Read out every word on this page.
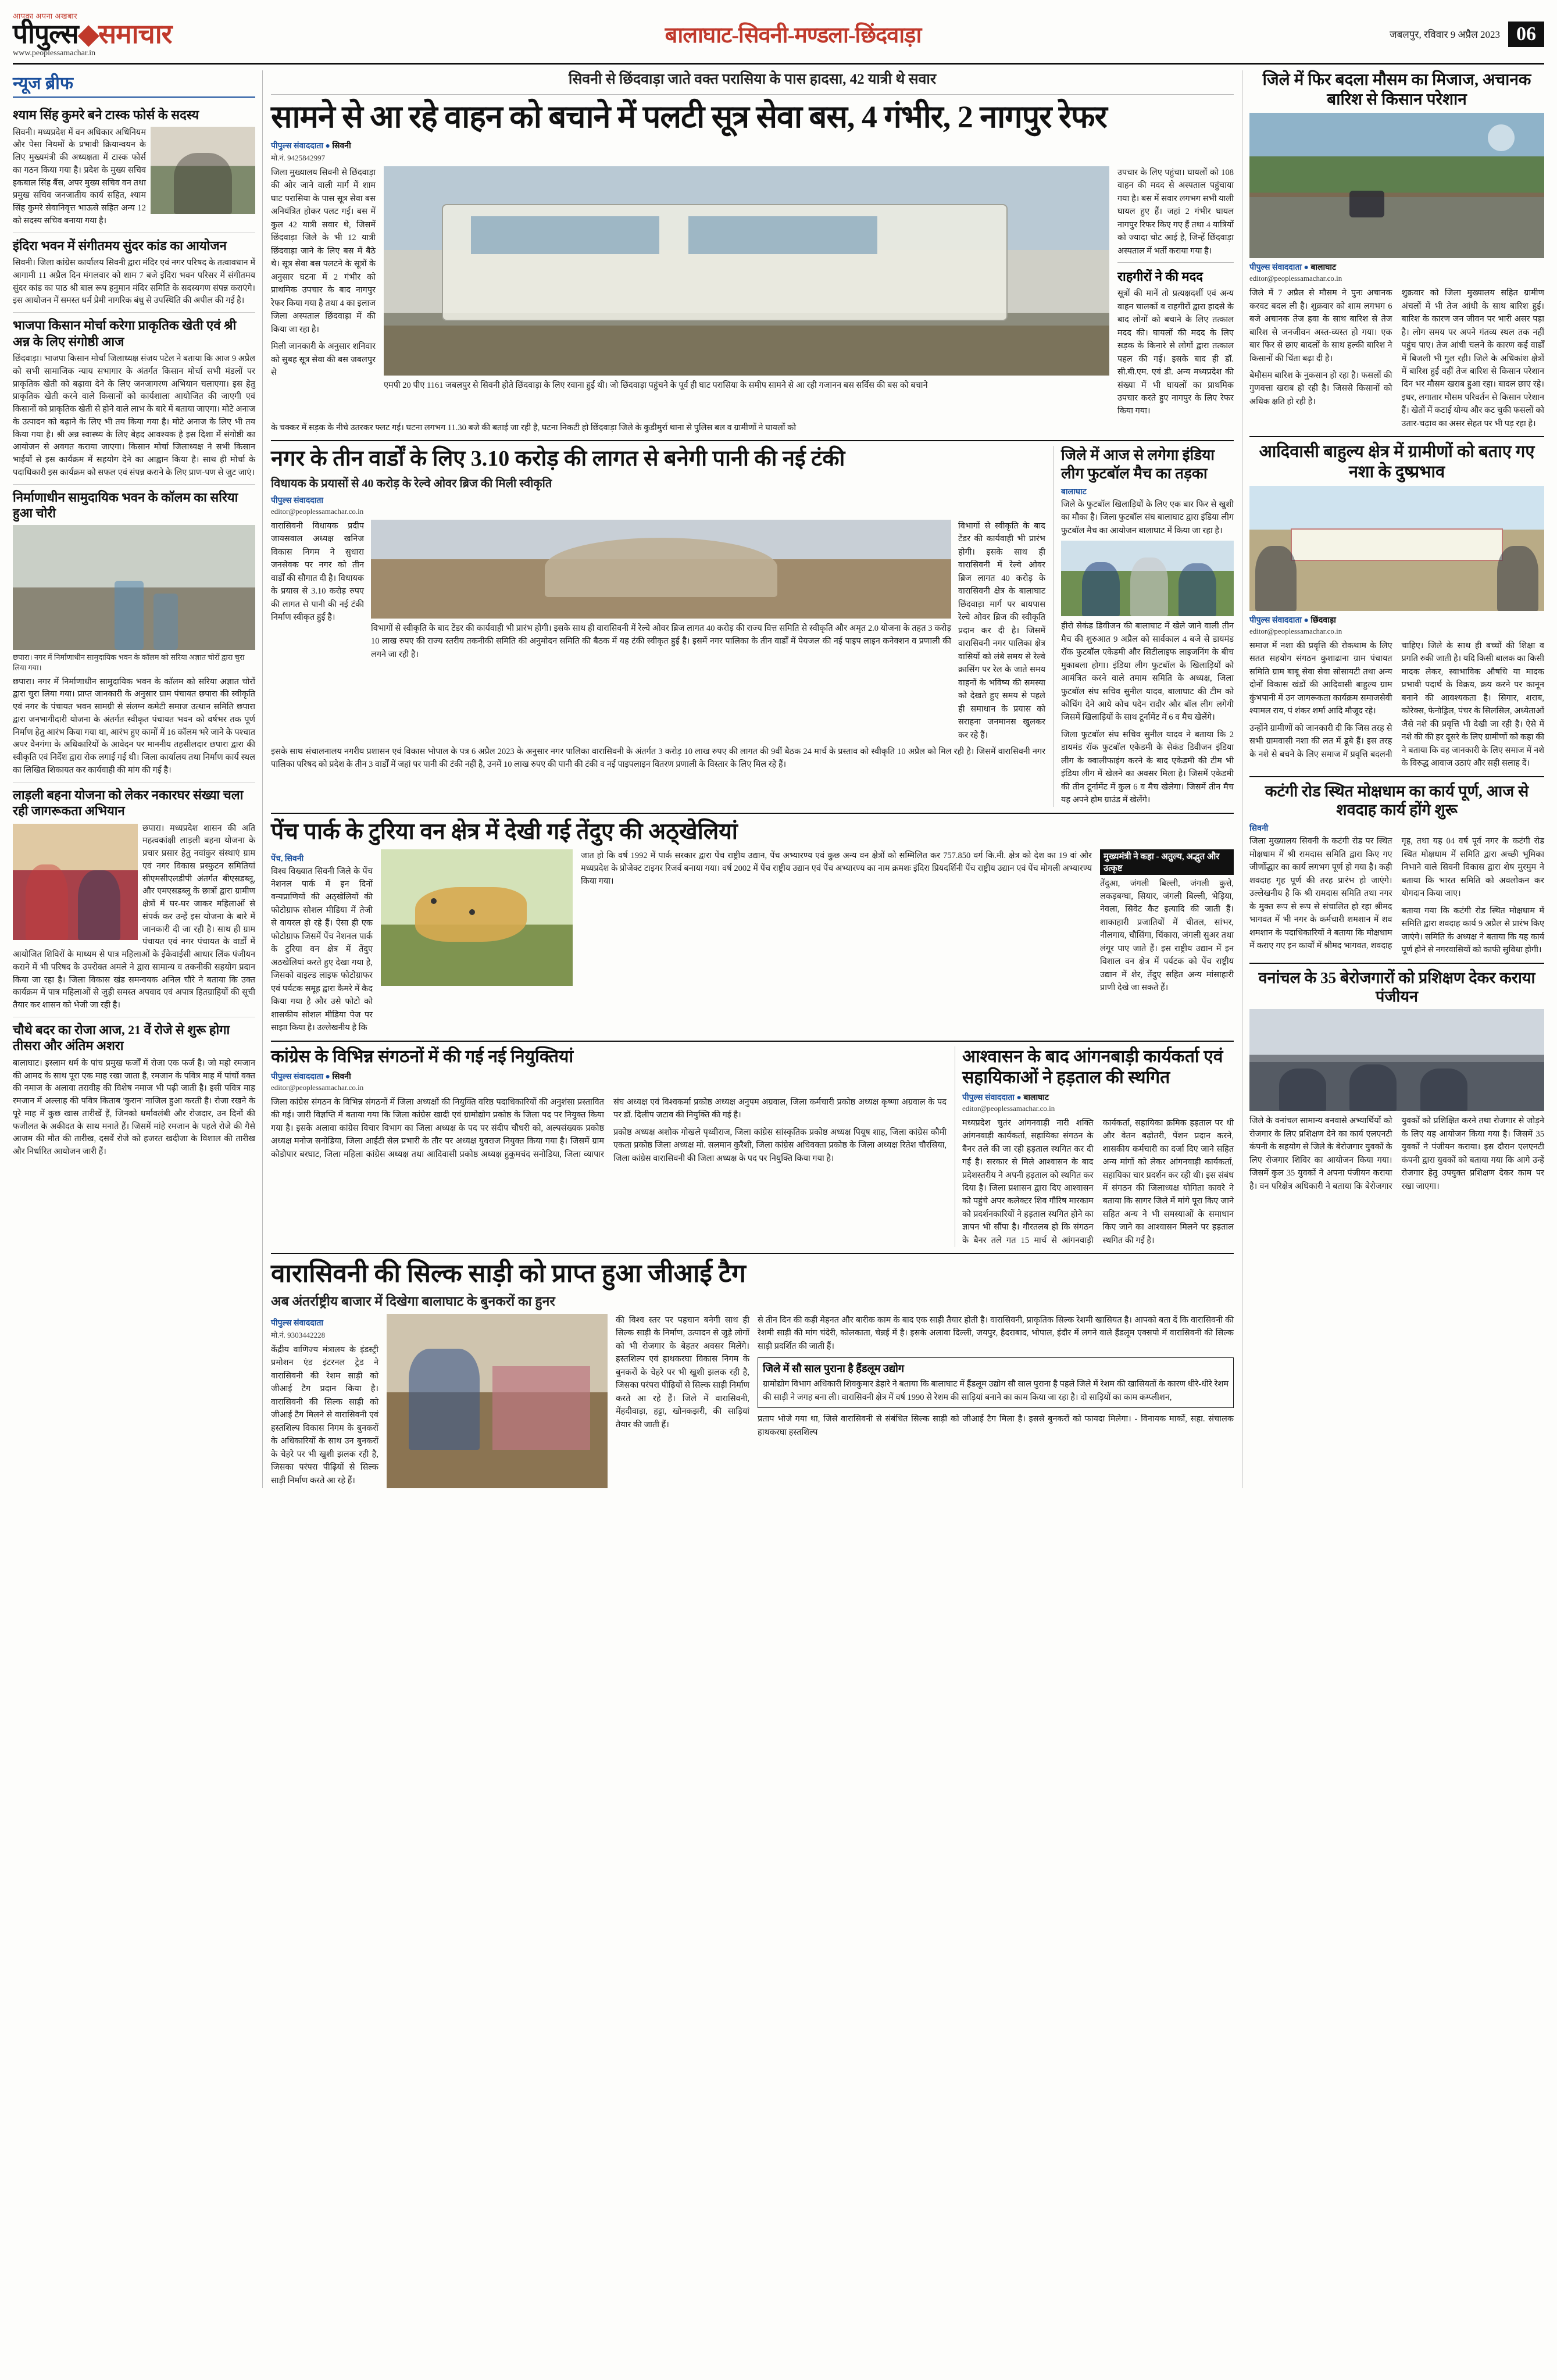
आपका अपना अखबार
पीपुल्स◆समाचार
www.peoplessamachar.in
बालाघाट-सिवनी-मण्डला-छिंदवाड़ा	जबलपुर, रविवार 9 अप्रैल 2023 06
न्यूज ब्रीफ
श्याम सिंह कुमरे बने टास्क फोर्स के सदस्य

सिवनी। मध्यप्रदेश में वन अधिकार अधिनियम और पेसा नियमों के प्रभावी क्रियान्वयन के लिए मुख्यमंत्री की अध्यक्षता में टास्क फोर्स का गठन किया गया है। प्रदेश के मुख्य सचिव इकबाल सिंह बैंस, अपर मुख्य सचिव वन तथा प्रमुख सचिव जनजातीय कार्य सहित, श्याम सिंह कुमरे सेवानिवृत्त भाऊसे सहित अन्य 12 को सदस्य सचिव बनाया गया है।

इंदिरा भवन में संगीतमय सुंदर कांड का आयोजन

सिवनी। जिला कांग्रेस कार्यालय सिवनी द्वारा मंदिर एवं नगर परिषद के तत्वावधान में आगामी 11 अप्रैल दिन मंगलवार को शाम 7 बजे इंदिरा भवन परिसर में संगीतमय सुंदर कांड का पाठ श्री बाल रूप हनुमान मंदिर समिति के सदस्यगण संपन्न कराएंगे। इस आयोजन में समस्त धर्म प्रेमी नागरिक बंधु से उपस्थिति की अपील की गई है।

भाजपा किसान मोर्चा करेगा प्राकृतिक खेती एवं श्री अन्न के लिए संगोष्ठी आज

छिंदवाड़ा। भाजपा किसान मोर्चा जिलाध्यक्ष संजय पटेल ने बताया कि आज 9 अप्रैल को सभी सामाजिक न्याय सभागार के अंतर्गत किसान मोर्चा सभी मंडलों पर प्राकृतिक खेती को बढ़ावा देने के लिए जनजागरण अभियान चलाएगा। इस हेतु प्राकृतिक खेती करने वाले किसानों को कार्यशाला आयोजित की जाएगी एवं किसानों को प्राकृतिक खेती से होने वाले लाभ के बारे में बताया जाएगा। मोटे अनाज के उत्पादन को बढ़ाने के लिए भी तय किया गया है। मोटे अनाज के लिए भी तय किया गया है। श्री अन्न स्वास्थ्य के लिए बेहद आवश्यक है इस दिशा में संगोष्ठी का आयोजन से अवगत कराया जाएगा। किसान मोर्चा जिलाध्यक्ष ने सभी किसान भाईयों से इस कार्यक्रम में सहयोग देने का आह्वान किया है। साथ ही मोर्चा के पदाधिकारी इस कार्यक्रम को सफल एवं संपन्न कराने के लिए प्राण-पण से जुट जाएं।

निर्माणाधीन सामुदायिक भवन के कॉलम का सरिया हुआ चोरी
छपारा। नगर में निर्माणाधीन सामुदायिक भवन के कॉलम को सरिया अज्ञात चोरों द्वारा चुरा लिया गया।

छपारा। नगर में निर्माणाधीन सामुदायिक भवन के कॉलम को सरिया अज्ञात चोरों द्वारा चुरा लिया गया। प्राप्त जानकारी के अनुसार ग्राम पंचायत छपारा की स्वीकृति एवं नगर के पंचायत भवन सामग्री से संलग्न कमेटी समाज उत्थान समिति छपारा द्वारा जनभागीदारी योजना के अंतर्गत स्वीकृत पंचायत भवन को वर्षभर तक पूर्ण निर्माण हेतु आरंभ किया गया था, आरंभ हुए कामों में 16 कॉलम भरे जाने के पश्चात अपर वैनगंगा के अधिकारियों के आवेदन पर माननीय तहसीलदार छपारा द्वारा की स्वीकृति एवं निर्देश द्वारा रोक लगाई गई थी। जिला कार्यालय तथा निर्माण कार्य स्थल का लिखित शिकायत कर कार्यवाही की मांग की गई है।

लाड़ली बहना योजना को लेकर नकारघर संख्या चला रही जागरूकता अभियान

छपारा। मध्यप्रदेश शासन की अति महत्वकांक्षी लाड़ली बहना योजना के प्रचार प्रसार हेतु नवांकुर संस्थाएं ग्राम एवं नगर विकास प्रस्फुटन समितियां सीएमसीएलडीपी अंतर्गत बीएसडब्लू, और एमएसडब्लू के छात्रों द्वारा ग्रामीण क्षेत्रों में घर-घर जाकर महिलाओं से संपर्क कर उन्हें इस योजना के बारे में जानकारी दी जा रही है। साथ ही ग्राम पंचायत एवं नगर पंचायत के वार्डों में आयोजित शिविरों के माध्यम से पात्र महिलाओं के ईकेवाईसी आधार लिंक पंजीयन कराने में भी परिषद के उपरोक्त अमले ने द्वारा सामान्य व तकनीकी सहयोग प्रदान किया जा रहा है। जिला विकास खंड समन्वयक अनिल चौरे ने बताया कि उक्त कार्यक्रम में पात्र महिलाओं से जुड़ी समस्त अपवाद एवं अपात्र हितग्राहियों की सूची तैयार कर शासन को भेजी जा रही है।

चौथे बदर का रोजा आज, 21 वें रोजे से शुरू होगा तीसरा और अंतिम अशरा

बालाघाट। इस्लाम धर्म के पांच प्रमुख फर्जों में रोजा एक फर्ज है। जो महो रमजान की आमद के साथ पूरा एक माह रखा जाता है, रमजान के पवित्र माह में पांचों वक्त की नमाज के अलावा तरावीह की विशेष नमाज भी पढ़ी जाती है। इसी पवित्र माह रमजान में अल्लाह की पवित्र किताब 'कुरान' नाजिल हुआ करती है। रोजा रखने के पूरे माह में कुछ खास तारीखें हैं, जिनको धर्मावलंबी और रोजदार, उन दिनों की फजीलत के अकीदत के साथ मनाते हैं। जिसमें मांहे रमजान के पहले रोजे की गैसे आजम की मौत की तारीख, दसवें रोजे को हजरत खदीजा के विशाल की तारीख और निर्धारित आयोजन जारी हैं।

सिवनी से छिंदवाड़ा जाते वक्त परासिया के पास हादसा, 42 यात्री थे सवार
सामने से आ रहे वाहन को बचाने में पलटी सूत्र सेवा बस, 4 गंभीर, 2 नागपुर रेफर
पीपुल्स संवाददाता ● सिवनी
मो.नं. 9425842997

जिला मुख्यालय सिवनी से छिंदवाड़ा की ओर जाने वाली मार्ग में शाम घाट परासिया के पास सूत्र सेवा बस अनियंत्रित होकर पलट गई। बस में कुल 42 यात्री सवार थे, जिसमें छिंदवाड़ा जिले के भी 12 यात्री छिंदवाड़ा जाने के लिए बस में बैठे थे। सूत्र सेवा बस पलटने के सूत्रों के अनुसार घटना में 2 गंभीर को प्राथमिक उपचार के बाद नागपुर रेफर किया गया है तथा 4 का इलाज जिला अस्पताल छिंदवाड़ा में की किया जा रहा है।

मिली जानकारी के अनुसार शनिवार को सुबह सूत्र सेवा की बस जबलपुर से

एमपी 20 पीए 1161 जबलपुर से सिवनी होते छिंदवाड़ा के लिए रवाना हुई थी। जो छिंदवाड़ा पहुंचने के पूर्व ही घाट परासिया के समीप सामने से आ रही गजानन बस सर्विस की बस को बचाने

उपचार के लिए पहुंचा। घायलों को 108 वाहन की मदद से अस्पताल पहुंचाया गया है। बस में सवार लगभग सभी याली घायल हुए हैं। जहां 2 गंभीर घायल नागपुर रिफर किए गए हैं तथा 4 यात्रियों को ज्यादा चोट आई है, जिन्हें छिंदवाड़ा अस्पताल में भर्ती कराया गया है।

राहगीरों ने की मदद

सूत्रों की मानें तो प्रत्यक्षदर्शी एवं अन्य वाहन चालकों व राहगीरों द्वारा हादसे के बाद लोगों को बचाने के लिए तत्काल मदद की। घायलों की मदद के लिए सड़क के किनारे से लोगों द्वारा तत्काल पहल की गई। इसके बाद ही डॉ. सी.बी.एम. एवं डी. अन्य मध्यप्रदेश की संख्या में भी घायलों का प्राथमिक उपचार करते हुए नागपुर के लिए रेफर किया गया।

के चक्कर में सड़क के नीचे उतरकर फ्लट गई। घटना लगभग 11.30 बजे की बताई जा रही है, घटना निकटी हो छिंदवाड़ा जिले के कुडीमुर्रा थाना से पुलिस बल व ग्रामीणों ने घायलों को

नगर के तीन वार्डों के लिए 3.10 करोड़ की लागत से बनेगी पानी की नई टंकी
विधायक के प्रयासों से 40 करोड़ के रेल्वे ओवर ब्रिज की मिली स्वीकृति
पीपुल्स संवाददाता
editor@peoplessamachar.co.in

वारासिवनी विधायक प्रदीप जायसवाल अध्यक्ष खनिज विकास निगम ने सुधारा जनसेवक पर नगर को तीन वार्डों की सौगात दी है। विधायक के प्रयास से 3.10 करोड़ रुपए की लागत से पानी की नई टंकी निर्माण स्वीकृत हुई है।

विभागों से स्वीकृति के बाद टेंडर की कार्यवाही भी प्रारंभ होगी। इसके साथ ही वारासिवनी में रेल्वे ओवर ब्रिज लागत 40 करोड़ की राज्य वित्त समिति से स्वीकृति और अमृत 2.0 योजना के तहत 3 करोड़ 10 लाख रुपए की राज्य स्तरीय तकनीकी समिति की अनुमोदन समिति की बैठक में यह टंकी स्वीकृत हुई है। इसमें नगर पालिका के तीन वार्डों में पेयजल की नई पाइप लाइन कनेक्शन व प्रणाली की लगने जा रही है।

विभागों से स्वीकृति के बाद टेंडर की कार्यवाही भी प्रारंभ होगी। इसके साथ ही वारासिवनी में रेल्वे ओवर ब्रिज लागत 40 करोड़ के वारासिवनी क्षेत्र के बालाघाट छिंदवाड़ा मार्ग पर बायपास रेल्वे ओवर ब्रिज की स्वीकृति प्रदान कर दी है। जिसमें वारासिवनी नगर पालिका क्षेत्र वासियों को लंबे समय से रेल्वे क्रासिंग पर रेल के जाते समय वाहनों के भविष्य की समस्या को देखते हुए समय से पहले ही समाधान के प्रयास को सराहना जनमानस खुलकर कर रहे हैं।

इसके साथ संचालनालय नगरीय प्रशासन एवं विकास भोपाल के पत्र 6 अप्रैल 2023 के अनुसार नगर पालिका वारासिवनी के अंतर्गत 3 करोड़ 10 लाख रुपए की लागत की 9वीं बैठक 24 मार्च के प्रस्ताव को स्वीकृति 10 अप्रैल को मिल रही है। जिसमें वारासिवनी नगर पालिका परिषद को प्रदेश के तीन 3 वार्डों में जहां पर पानी की टंकी नहीं है, उनमें 10 लाख रुपए की पानी की टंकी व नई पाइपलाइन वितरण प्रणाली के विस्तार के लिए मिल रहे हैं।

जिले में आज से लगेगा इंडिया लीग फुटबॉल मैच का तड़का
बालाघाट

जिले के फुटबॉल खिलाड़ियों के लिए एक बार फिर से खुशी का मौका है। जिला फुटबॉल संघ बालाघाट द्वारा इंडिया लीग फुटबॉल मैच का आयोजन बालाघाट में किया जा रहा है।

हीरो सेकंड डिवीजन की बालाघाट में खेले जाने वाली तीन मैच की शुरुआत 9 अप्रैल को सार्वकाल 4 बजे से डायमंड रॉक फुटबॉल एकेडमी और सिटीलाइफ लाइजनिंग के बीच मुकाबला होगा। इंडिया लीग फुटबॉल के खिलाड़ियों को आमंत्रित करने वाले तमाम समिति के अध्यक्ष, जिला फुटबॉल संघ सचिव सुनील यादव, बालाघाट की टीम को कोचिंग देने आये कोच पदेन रादौर और बॉल लीग लगेगी जिसमें खिलाड़ियों के साथ टूर्नामेंट में 6 व मैच खेलेंगे।

जिला फुटबॉल संघ सचिव सुनील यादव ने बताया कि 2 डायमंड रॉक फुटबॉल एकेडमी के सेकंड डिवीजन इंडिया लीग के क्वालीफाइंग करने के बाद एकेडमी की टीम भी इंडिया लीग में खेलने का अवसर मिला है। जिसमें एकेडमी की तीन टूर्नामेंट में कुल 6 व मैच खेलेगा। जिसमें तीन मैच यह अपने होम ग्राउंड में खेलेंगे।

पेंच पार्क के टुरिया वन क्षेत्र में देखी गई तेंदुए की अठ्खेलियां
पेंच, सिवनी

विश्व विख्यात सिवनी जिले के पेंच नेशनल पार्क में इन दिनों वन्यप्राणियों की अठ्खेलियों की फोटोग्राफ सोशल मीडिया में तेजी से वायरल हो रहे हैं। ऐसा ही एक फोटोग्राफ जिसमें पेंच नेशनल पार्क के टुरिया वन क्षेत्र में तेंदुए अठखेलियां करते हुए देखा गया है, जिसको वाइल्ड लाइफ फोटोग्राफर एवं पर्यटक समूह द्वारा कैमरे में कैद किया गया है और उसे फोटो को शासकीय सोशल मीडिया पेज पर साझा किया है। उल्लेखनीय है कि

जात हो कि वर्ष 1992 में पार्क सरकार द्वारा पेंच राष्ट्रीय उद्यान, पेंच अभ्यारण्य एवं कुछ अन्य वन क्षेत्रों को सम्मिलित कर 757.850 वर्ग कि.मी. क्षेत्र को देश का 19 वां और मध्यप्रदेश के प्रोजेक्ट टाइगर रिजर्व बनाया गया। वर्ष 2002 में पेंच राष्ट्रीय उद्यान एवं पेंच अभ्यारण्य का नाम क्रमशः इंदिरा प्रियदर्शिनी पेंच राष्ट्रीय उद्यान एवं पेंच मोगली अभ्यारण्य किया गया।

मुख्यमंत्री ने कहा - अतुल्य, अद्भुत और उत्कृष्ट

तेंदुआ, जंगली बिल्ली, जंगली कुत्ते, लकड़बग्घा, सियार, जंगली बिल्ली, भेड़िया, नेवला, सिवेट कैट इत्यादि की जाती हैं। शाकाहारी प्रजातियों में चीतल, सांभर, नीलगाय, चौसिंगा, चिंकारा, जंगली सुअर तथा लंगूर पाए जाते हैं। इस राष्ट्रीय उद्यान में इन विशाल वन क्षेत्र में पर्यटक को पेंच राष्ट्रीय उद्यान में शेर, तेंदुए सहित अन्य मांसाहारी प्राणी देखे जा सकते हैं।

कांग्रेस के विभिन्न संगठनों में की गई नई नियुक्तियां
पीपुल्स संवाददाता ● सिवनी
editor@peoplessamachar.co.in

जिला कांग्रेस संगठन के विभिन्न संगठनों में जिला अध्यक्षों की नियुक्ति वरिष्ठ पदाधिकारियों की अनुशंसा प्रस्तावित की गई। जारी विज्ञप्ति में बताया गया कि जिला कांग्रेस खादी एवं ग्रामोद्योग प्रकोष्ठ के जिला पद पर नियुक्त किया गया है। इसके अलावा कांग्रेस विचार विभाग का जिला अध्यक्ष के पद पर संदीप चौधरी को, अल्पसंख्यक प्रकोष्ठ अध्यक्ष मनोज सनोडिया, जिला आईटी सेल प्रभारी के तौर पर अध्यक्ष युवराज नियुक्त किया गया है। जिसमें ग्राम कोडोपार बरघाट, जिला महिला कांग्रेस अध्यक्ष तथा आदिवासी प्रकोष्ठ अध्यक्ष हुकुमचंद सनोडिया, जिला व्यापार संघ अध्यक्ष एवं विश्वकर्मा प्रकोष्ठ अध्यक्ष अनुपम अग्रवाल, जिला कर्मचारी प्रकोष्ठ अध्यक्ष कृष्णा अग्रवाल के पद पर डॉ. दिलीप जटाव की नियुक्ति की गई है।

प्रकोष्ठ अध्यक्ष अशोक गोखले पृथ्वीराज, जिला कांग्रेस सांस्कृतिक प्रकोष्ठ अध्यक्ष पियूष शाह, जिला कांग्रेस कौमी एकता प्रकोष्ठ जिला अध्यक्ष मो. सलमान कुरैशी, जिला कांग्रेस अधिवक्ता प्रकोष्ठ के जिला अध्यक्ष रितेश चौरसिया, जिला कांग्रेस वारासिवनी की जिला अध्यक्ष के पद पर नियुक्ति किया गया है।

आश्वासन के बाद आंगनबाड़ी कार्यकर्ता एवं सहायिकाओं ने हड़ताल की स्थगित
पीपुल्स संवाददाता ● बालाघाट
editor@peoplessamachar.co.in

मध्यप्रदेश चुतंर आंगनवाड़ी नारी शक्ति आंगनवाड़ी कार्यकर्ता, सहायिका संगठन के बैनर तले की जा रही हड़ताल स्थगित कर दी गई है। सरकार से मिले आश्वासन के बाद प्रदेशस्तरीय ने अपनी हड़ताल को स्थगित कर दिया है। जिला प्रशासन द्वारा दिए आश्वासन को पहुंचे अपर कलेक्टर शिव गौरिष मारकाम को प्रदर्शनकारियों ने हड़ताल स्थगित होने का ज्ञापन भी सौंपा है। गौरतलब हो कि संगठन के बैनर तले गत 15 मार्च से आंगनवाड़ी कार्यकर्ता, सहायिका क्रमिक हड़ताल पर थी और वेतन बढ़ोतरी, पेंशन प्रदान करने, शासकीय कर्मचारी का दर्जा दिए जाने सहित अन्य मांगों को लेकर आंगनवाड़ी कार्यकर्ता, सहायिका चार प्रदर्शन कर रही थी। इस संबंध में संगठन की जिलाध्यक्ष योगिता कावरे ने बताया कि सागर जिले में मांगे पूरा किए जाने सहित अन्य ने भी समस्याओं के समाधान किए जाने का आश्वासन मिलने पर हड़ताल स्थगित की गई है।

वारासिवनी की सिल्क साड़ी को प्राप्त हुआ जीआई टैग
अब अंतर्राष्ट्रीय बाजार में दिखेगा बालाघाट के बुनकरों का हुनर
पीपुल्स संवाददाता
मो.नं. 9303442228

केंद्रीय वाणिज्य मंत्रालय के इंडस्ट्री प्रमोशन एंड इंटरनल ट्रेड ने वारासिवनी की रेशम साड़ी को जीआई टैग प्रदान किया है। वारासिवनी की सिल्क साड़ी को जीआई टैग मिलने से वारासिवनी एवं हस्तशिल्प विकास निगम के बुनकरों के अधिकारियों के साथ उन बुनकरों के चेहरे पर भी खुशी झलक रही है, जिसका परंपरा पीढ़ियों से सिल्क साड़ी निर्माण करते आ रहे हैं।

की विश्व स्तर पर पहचान बनेगी साथ ही सिल्क साड़ी के निर्माण, उत्पादन से जुड़े लोगों को भी रोजगार के बेहतर अवसर मिलेंगे। हस्तशिल्प एवं हाथकरघा विकास निगम के बुनकरों के चेहरे पर भी खुशी झलक रही है, जिसका परंपरा पीढ़ियों से सिल्क साड़ी निर्माण करते आ रहे हैं। जिले में वारासिवनी, मेंहदीवाड़ा, हट्टा, खोनकझरी, की साड़ियां तैयार की जाती हैं।

से तीन दिन की कड़ी मेहनत और बारीक काम के बाद एक साड़ी तैयार होती है। वारासिवनी, प्राकृतिक सिल्क रेशमी खासियत है। आपको बता दें कि वारासिवनी की रेशमी साड़ी की मांग चंदेरी, कोलकाता, चेन्नई में है। इसके अलावा दिल्ली, जयपुर, हैदराबाद, भोपाल, इंदौर में लगने वाले हैंडलूम एक्सपो में वारासिवनी की सिल्क साड़ी प्रदर्शित की जाती हैं।

जिले में सौ साल पुराना है हैंडलूम उद्योग

ग्रामोद्योग विभाग अधिकारी शिवकुमार डेहारे ने बताया कि बालाघाट में हैंडलूम उद्योग सौ साल पुराना है पहले जिले में रेशम की खासियतों के कारण धीरे-धीरे रेशम की साड़ी ने जगह बना ली। वारासिवनी क्षेत्र में वर्ष 1990 से रेशम की साड़ियां बनाने का काम किया जा रहा है। दो साड़ियों का काम कम्प्लीशन,

प्रताप भोजे गया था, जिसे वारासिवनी से संबंधित सिल्क साड़ी को जीआई टैग मिला है। इससे बुनकरों को फायदा मिलेगा। - विनायक मार्को, सहा. संचालक हाथकरघा हस्तशिल्प

जिले में फिर बदला मौसम का मिजाज, अचानक बारिश से किसान परेशान
पीपुल्स संवाददाता ● बालाघाट
editor@peoplessamachar.co.in

जिले में 7 अप्रैल से मौसम ने पुनः अचानक करवट बदल ली है। शुक्रवार को शाम लगभग 6 बजे अचानक तेज हवा के साथ बारिश से तेज बारिश से जनजीवन अस्त-व्यस्त हो गया। एक बार फिर से छाए बादलों के साथ हल्की बारिश ने किसानों की चिंता बढ़ा दी है।

बेमौसम बारिश के नुकसान हो रहा है। फसलों की गुणवत्ता खराब हो रही है। जिससे किसानों को अधिक क्षति हो रही है।

शुक्रवार को जिला मुख्यालय सहित ग्रामीण अंचलों में भी तेज आंधी के साथ बारिश हुई। बारिश के कारण जन जीवन पर भारी असर पड़ा है। लोग समय पर अपने गंतव्य स्थल तक नहीं पहुंच पाए। तेज आंधी चलने के कारण कई वार्डों में बिजली भी गुल रही। जिले के अधिकांश क्षेत्रों में बारिश हुई वहीं तेज बारिश से किसान परेशान दिन भर मौसम खराब हुआ रहा। बादल छाए रहे। इधर, लगातार मौसम परिवर्तन से किसान परेशान हैं। खेतों में कटाई योग्य और कट चुकी फसलों को उतार-चढ़ाव का असर सेहत पर भी पड़ रहा है।

आदिवासी बाहुल्य क्षेत्र में ग्रामीणों को बताए गए नशा के दुष्प्रभाव
पीपुल्स संवाददाता ● छिंदवाड़ा
editor@peoplessamachar.co.in

समाज में नशा की प्रवृत्ति की रोकथाम के लिए सतत सहयोग संगठन कुशाढाना ग्राम पंचायत समिति ग्राम बाबू सेवा सेवा सोसायटी तथा अन्य दोनों विकास खंडों की आदिवासी बाहुल्य ग्राम कुंभपानी में उन जागरूकता कार्यक्रम समाजसेवी श्यामल राय, पं शंकर शर्मा आदि मौजूद रहे।

उन्होंने ग्रामीणों को जानकारी दी कि जिस तरह से सभी ग्रामवासी नशा की लत में डूबे हैं। इस तरह के नशे से बचने के लिए समाज में प्रवृत्ति बदलनी चाहिए। जिले के साथ ही बच्चों की शिक्षा व प्रगति रुकी जाती है। यदि किसी बालक का किसी मादक लेकर, स्वाभाविक औषधि या मादक प्रभावी पदार्थ के विक्रय, क्रय करने पर कानून बनाने की आवश्यकता है। सिगार, शराब, कोरेक्स, फेनोड्रिल, पंचर के सिलसिल, अध्येताओं जैसे नशे की प्रवृत्ति भी देखी जा रही है। ऐसे में नशे की की हर दूसरे के लिए ग्रामीणों को कहा की ने बताया कि वह जानकारी के लिए समाज में नशे के विरुद्ध आवाज उठाएं और सही सलाह दें।

कटंगी रोड स्थित मोक्षधाम का कार्य पूर्ण, आज से शवदाह कार्य होंगे शुरू
सिवनी

जिला मुख्यालय सिवनी के कटंगी रोड पर स्थित मोक्षधाम में श्री रामदास समिति द्वारा किए गए जीर्णोद्धार का कार्य लगभग पूर्ण हो गया है। कही शवदाह गृह पूर्ण की तरह प्रारंभ हो जाएंगे। उल्लेखनीय है कि श्री रामदास समिति तथा नगर के मुक्त रूप से रूप से संचालित हो रहा श्रीमद भागवत में भी नगर के कर्मचारी शमशान में शव शमशान के पदाधिकारियों ने बताया कि मोक्षधाम में कराए गए इन कार्यों में श्रीमद भागवत, शवदाह गृह, तथा यह 04 वर्ष पूर्व नगर के कटंगी रोड स्थित मोक्षधाम में समिति द्वारा अच्छी भूमिका निभाने वाले सिवनी विकास द्वारा शेष मुरमुम ने बताया कि भारत समिति को अवलोकन कर योगदान किया जाए।

बताया गया कि कटंगी रोड स्थित मोक्षधाम में समिति द्वारा शवदाह कार्य 9 अप्रैल से प्रारंभ किए जाएंगे। समिति के अध्यक्ष ने बताया कि यह कार्य पूर्ण होने से नगरवासियों को काफी सुविधा होगी।

वनांचल के 35 बेरोजगारों को प्रशिक्षण देकर कराया पंजीयन

जिले के वनांचल सामान्य बनवासे अभ्यार्थियों को रोजगार के लिए प्रशिक्षण देने का कार्य एलएनटी कंपनी के सहयोग से जिले के बेरोजगार युवकों के लिए रोजगार शिविर का आयोजन किया गया। जिसमें कुल 35 युवकों ने अपना पंजीयन कराया है। वन परिक्षेत्र अधिकारी ने बताया कि बेरोजगार युवकों को प्रशिक्षित करने तथा रोजगार से जोड़ने के लिए यह आयोजन किया गया है। जिसमें 35 युवकों ने पंजीयन कराया। इस दौरान एलएनटी कंपनी द्वारा युवकों को बताया गया कि आगे उन्हें रोजगार हेतु उपयुक्त प्रशिक्षण देकर काम पर रखा जाएगा।
